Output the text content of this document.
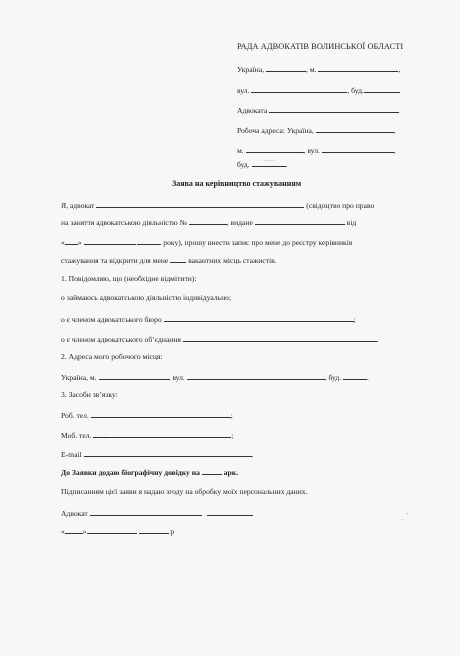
РАДА АДВОКАТІВ ВОЛИНСЬКОЇ ОБЛАСТІ
Україна,	, м.	,
вул.	, буд.
Адвоката
Робоча адреса: Україна,	,
м.	, вул.	,
буд.	.
Заява на керівництво стажуванням
Я, адвокат	(свідоцтво про право
на заняття адвокатською діяльністю №	, видане	від
« »	року), прошу внести запис про мене до реєстру керівників
стажування та відкрити для мене  вакантних місць стажистів.
1. Повідомляю, що (необхідне відмітити):
о займаюсь адвокатською діяльністю індивідуально;
о є членом адвокатського бюро	;
о є членом адвокатського об’єднання	.
2. Адреса мого робочого місця:
Україна, м.	, вул.	, буд.	.
3. Засоби зв’язку:
Роб. тел.	;
Моб. тел.	;
E-mail	.
До Заявки додаю біографічну довідку на	арк.
Підписанням цієї заяви я надаю згоду на обробку моїх персональних даних.
Адвокат
« »	р
